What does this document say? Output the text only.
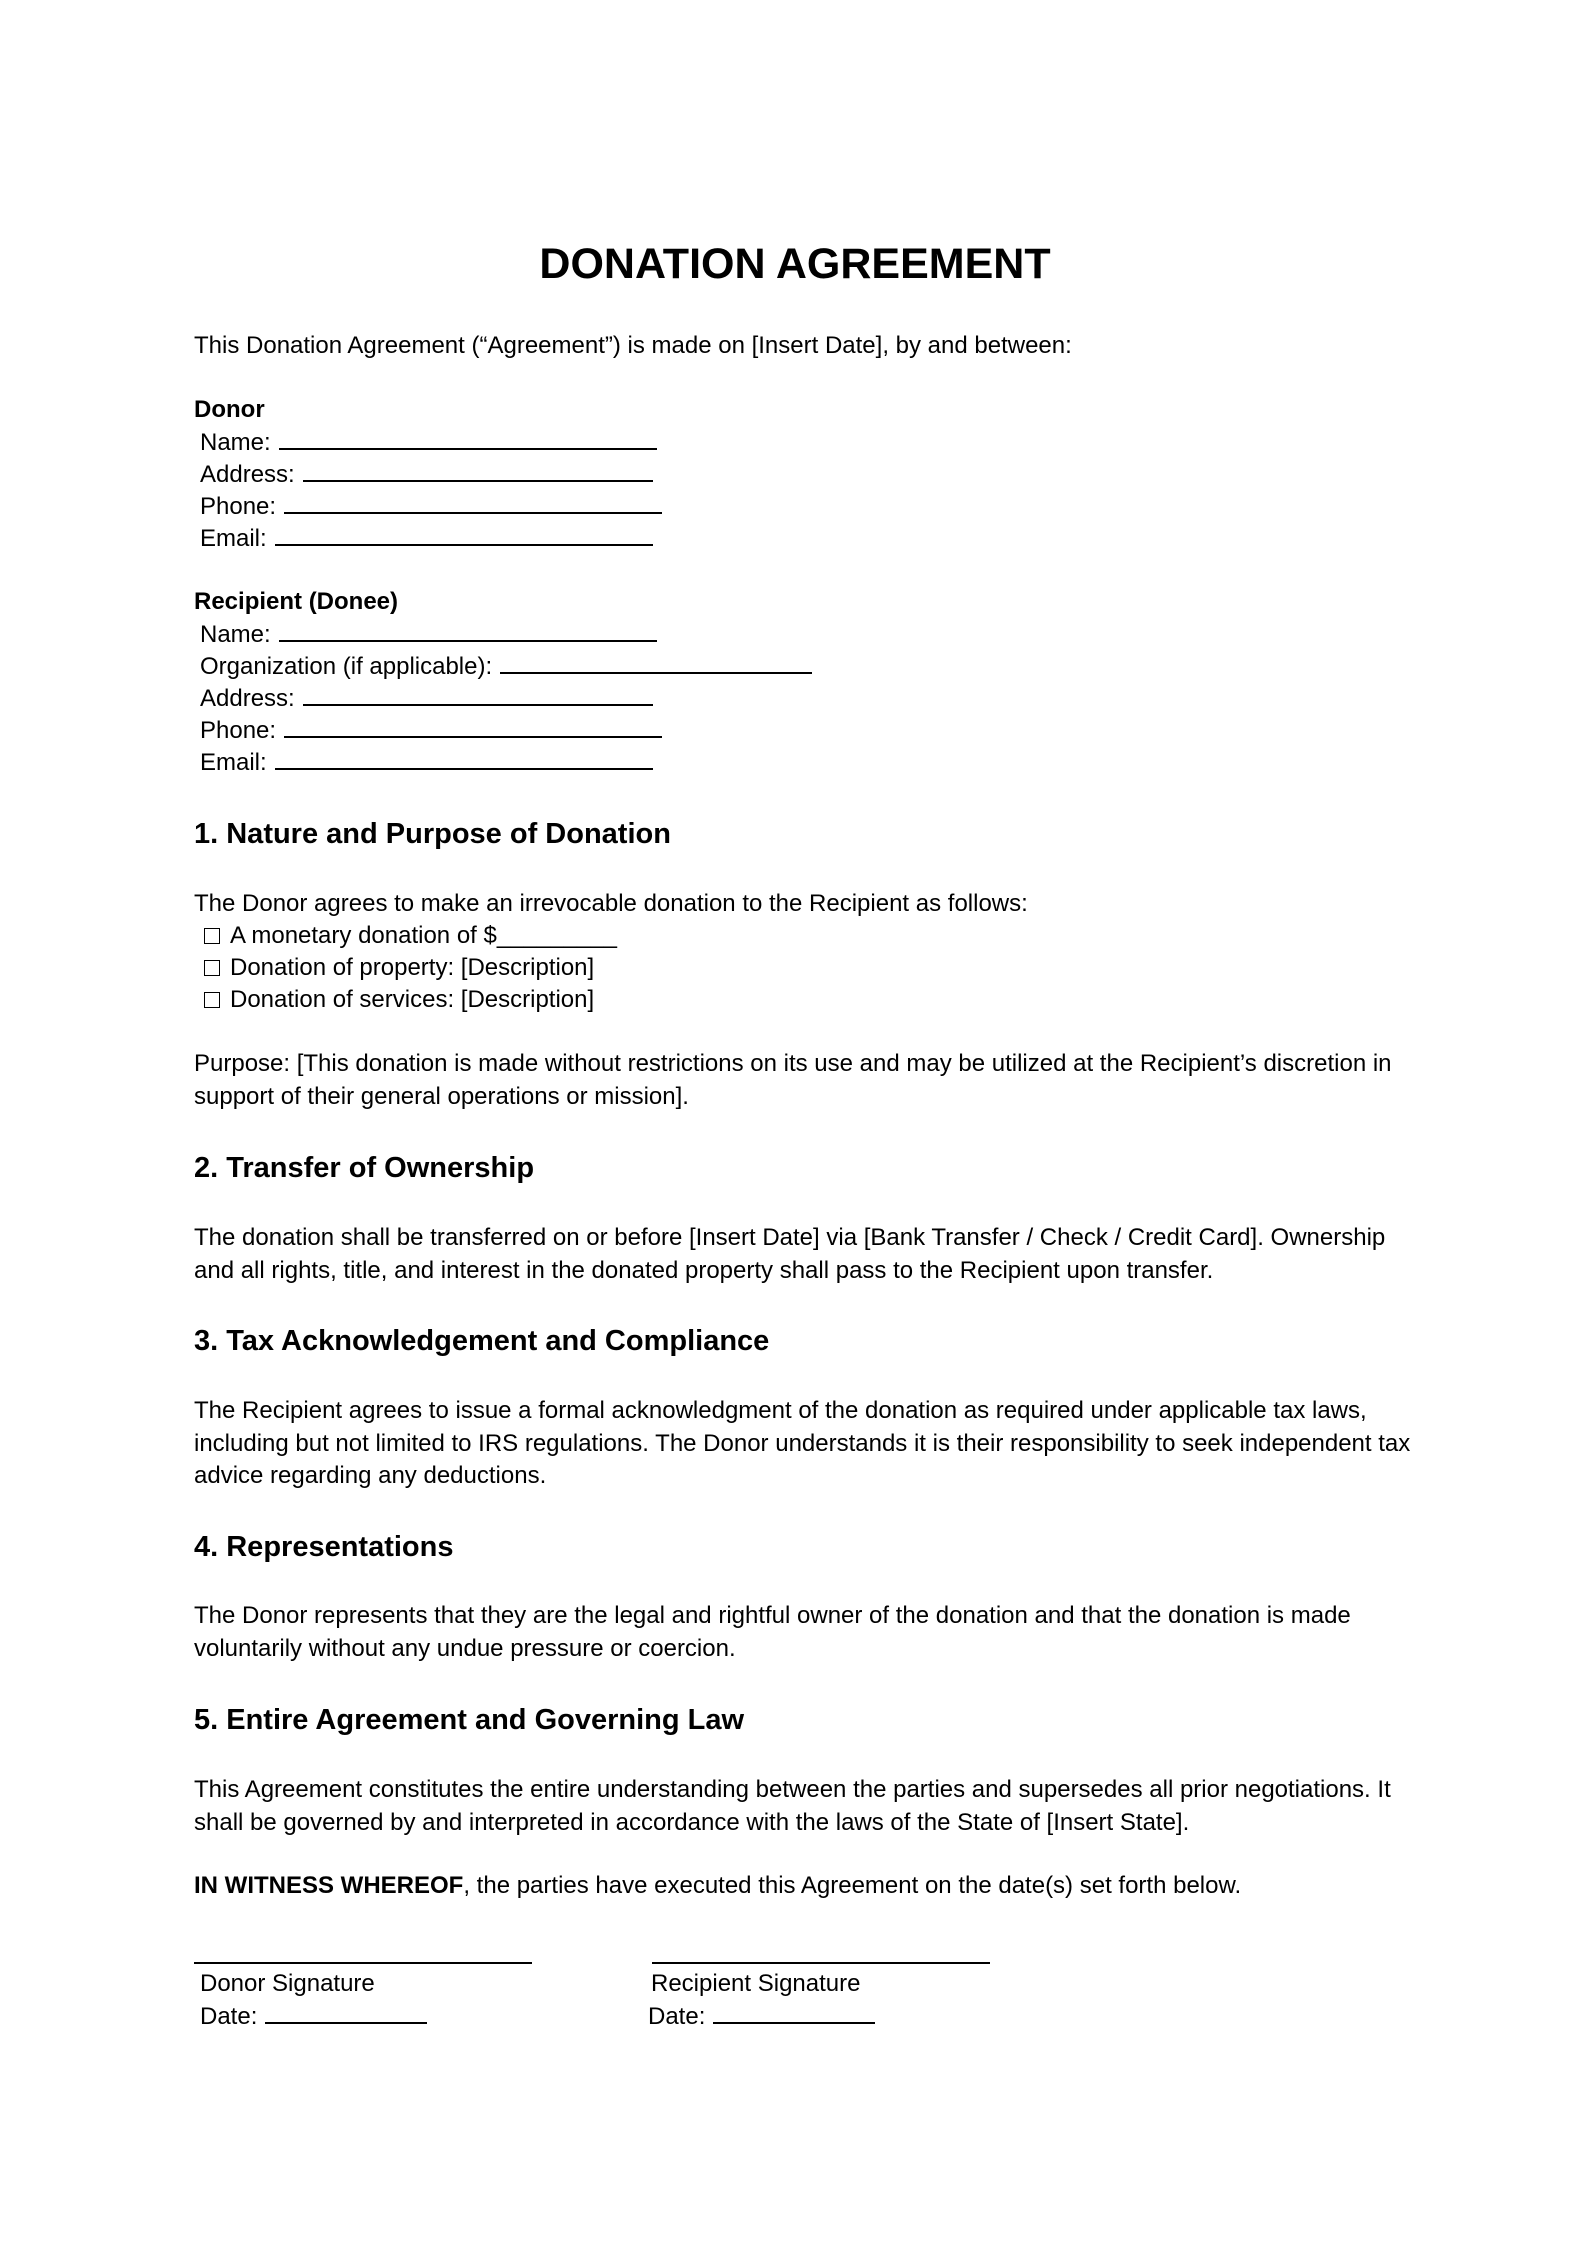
DONATION AGREEMENT
This Donation Agreement (“Agreement”) is made on [Insert Date], by and between:
Donor
Name:
Address:
Phone:
Email:
Recipient (Donee)
Name:
Organization (if applicable):
Address:
Phone:
Email:
1. Nature and Purpose of Donation
The Donor agrees to make an irrevocable donation to the Recipient as follows:
A monetary donation of $_________
Donation of property: [Description]
Donation of services: [Description]
Purpose: [This donation is made without restrictions on its use and may be utilized at the Recipient’s discretion in support of their general operations or mission].
2. Transfer of Ownership
The donation shall be transferred on or before [Insert Date] via [Bank Transfer / Check / Credit Card]. Ownership and all rights, title, and interest in the donated property shall pass to the Recipient upon transfer.
3. Tax Acknowledgement and Compliance
The Recipient agrees to issue a formal acknowledgment of the donation as required under applicable tax laws, including but not limited to IRS regulations. The Donor understands it is their responsibility to seek independent tax advice regarding any deductions.
4. Representations
The Donor represents that they are the legal and rightful owner of the donation and that the donation is made voluntarily without any undue pressure or coercion.
5. Entire Agreement and Governing Law
This Agreement constitutes the entire understanding between the parties and supersedes all prior negotiations. It shall be governed by and interpreted in accordance with the laws of the State of [Insert State].
IN WITNESS WHEREOF, the parties have executed this Agreement on the date(s) set forth below.
Donor Signature	Recipient Signature
Date:	Date:
